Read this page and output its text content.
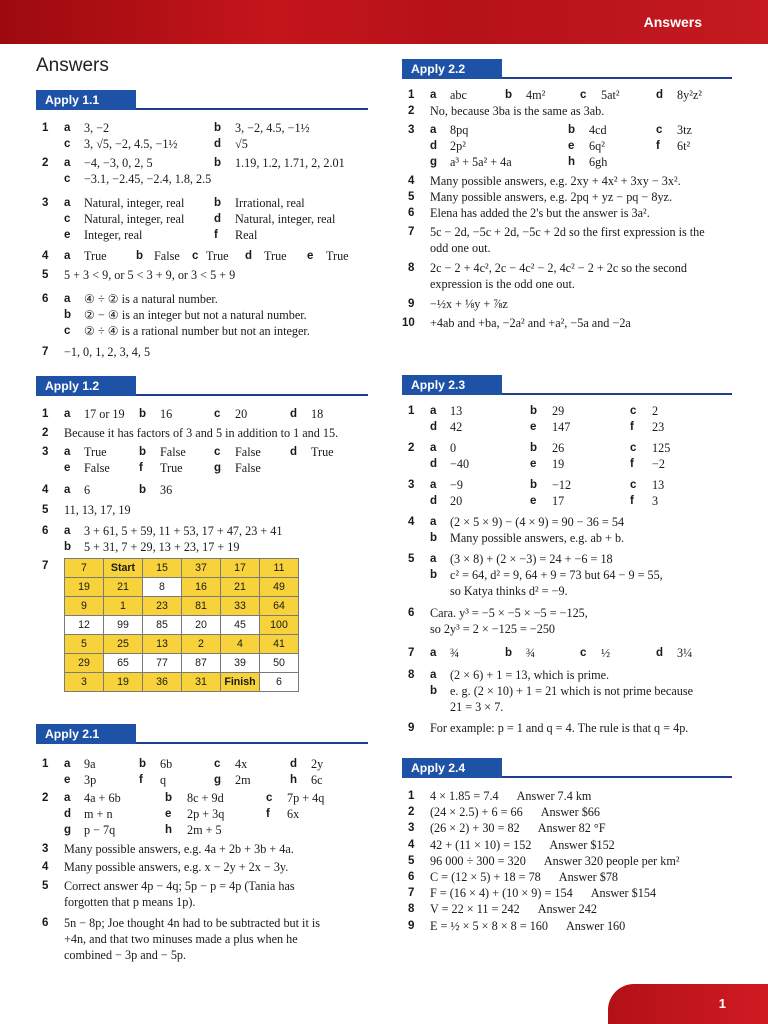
Answers
Answers
Apply 1.1
1 a 3, −2	b 3, −2, 4.5, −1½
c 3, √5, −2, 4.5, −1½	d √5
2 a −4, −3, 0, 2, 5	b 1.19, 1.2, 1.71, 2, 2.01
c −3.1, −2.45, −2.4, 1.8, 2.5
3 a Natural, integer, real	b Irrational, real
c Natural, integer, real	d Natural, integer, real
e Integer, real	f Real
4 a True	b False c True d True e True
5 5 + 3 < 9, or 5 < 3 + 9, or 3 < 5 + 9
6 a ④ ÷ ② is a natural number.
b ② − ④ is an integer but not a natural number.
c ② ÷ ④ is a rational number but not an integer.
7 −1, 0, 1, 2, 3, 4, 5
Apply 1.2
1 a 17 or 19 b 16	c 20	d 18
2 Because it has factors of 3 and 5 in addition to 1 and 15.
3 a True	b False c False	d True
e False	f True	g False
4 a 6	b 36
5 11, 13, 17, 19
6 a 3 + 61, 5 + 59, 11 + 53, 17 + 47, 23 + 41
b 5 + 31, 7 + 29, 13 + 23, 17 + 19
7	7	Start	15	37	17	11
19	21	8	16	21	49
9	1	23	81	33	64
12	99	85	20	45	100
5	25	13	2	4	41
29	65	77	87	39	50
3	19	36	31	Finish	6
Apply 2.1
1 a 9a	b 6b	c 4x	d 2y
e 3p	f q	g 2m	h 6c
2 a 4a + 6b	b 8c + 9d	c 7p + 4q
d m + n	e 2p + 3q	f 6x
g p − 7q	h 2m + 5
3 Many possible answers, e.g. 4a + 2b + 3b + 4a.
4 Many possible answers, e.g. x − 2y + 2x − 3y.
5 Correct answer 4p − 4q; 5p − p = 4p (Tania has forgotten that p means 1p).
6 5n − 8p; Joe thought 4n had to be subtracted but it is +4n, and that two minuses made a plus when he combined − 3p and − 5p.
Apply 2.2
1 a abc	b 4m²	c 5at²	d 8y²z²
2 No, because 3ba is the same as 3ab.
3 a 8pq	b 4cd	c 3tz
d 2p²	e 6q²	f 6t²
g a³ + 5a² + 4a	h 6gh
4 Many possible answers, e.g. 2xy + 4x² + 3xy − 3x².
5 Many possible answers, e.g. 2pq + yz − pq − 8yz.
6 Elena has added the 2's but the answer is 3a².
7 5c − 2d, −5c + 2d, −5c + 2d so the first expression is the odd one out.
8 2c − 2 + 4c², 2c − 4c² − 2, 4c² − 2 + 2c so the second expression is the odd one out.
9 −½x + ⅛y + ⅞z
10 +4ab and +ba, −2a² and +a², −5a and −2a
Apply 2.3
1 a 13	b 29	c 2
d 42	e 147	f 23
2 a 0	b 26	c 125
d −40	e 19	f −2
3 a −9	b −12	c 13
d 20	e 17	f 3
4 a (2 × 5 × 9) − (4 × 9) = 90 − 36 = 54
b Many possible answers, e.g. ab + b.
5 a (3 × 8) + (2 × −3) = 24 + −6 = 18
b c² = 64, d² = 9, 64 + 9 = 73 but 64 − 9 = 55,
so Katya thinks d² = −9.
6 Cara. y³ = −5 × −5 × −5 = −125,
so 2y³ = 2 × −125 = −250
7 a ¾	b ¾	c ½	d 3¼
8 a (2 × 6) + 1 = 13, which is prime.
b e. g. (2 × 10) + 1 = 21 which is not prime because
21 = 3 × 7.
9 For example: p = 1 and q = 4. The rule is that q = 4p.
Apply 2.4
1 4 × 1.85 = 7.4 Answer 7.4 km
2 (24 × 2.5) + 6 = 66 Answer $66
3 (26 × 2) + 30 = 82 Answer 82 °F
4 42 + (11 × 10) = 152 Answer $152
5 96 000 ÷ 300 = 320 Answer 320 people per km²
6 C = (12 × 5) + 18 = 78 Answer $78
7 F = (16 × 4) + (10 × 9) = 154 Answer $154
8 V = 22 × 11 = 242 Answer 242
9 E = ½ × 5 × 8 × 8 = 160 Answer 160
1
